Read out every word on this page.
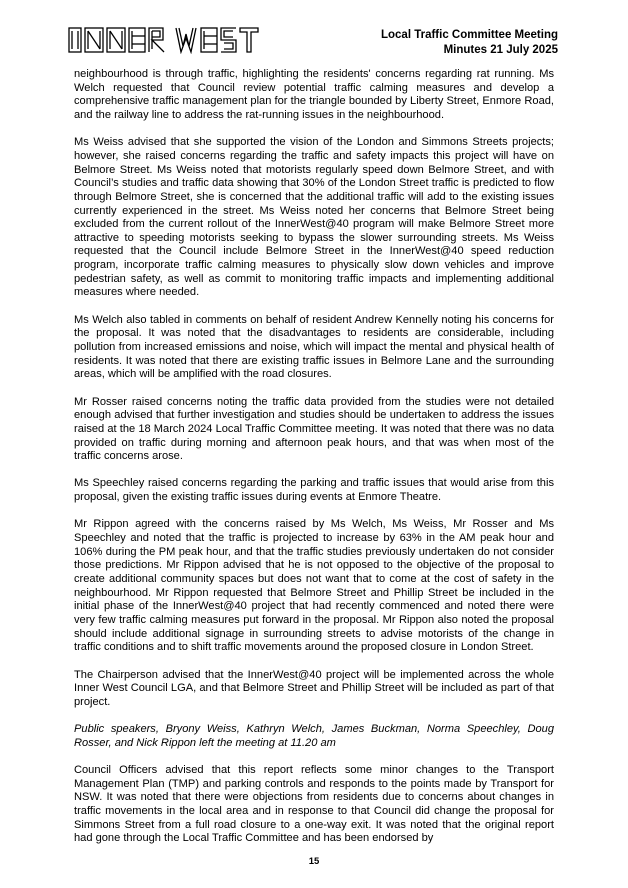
Local Traffic Committee Meeting
Minutes 21 July 2025

neighbourhood is through traffic, highlighting the residents' concerns regarding rat running. Ms Welch requested that Council review potential traffic calming measures and develop a comprehensive traffic management plan for the triangle bounded by Liberty Street, Enmore Road, and the railway line to address the rat-running issues in the neighbourhood.

Ms Weiss advised that she supported the vision of the London and Simmons Streets projects; however, she raised concerns regarding the traffic and safety impacts this project will have on Belmore Street. Ms Weiss noted that motorists regularly speed down Belmore Street, and with Council’s studies and traffic data showing that 30% of the London Street traffic is predicted to flow through Belmore Street, she is concerned that the additional traffic will add to the existing issues currently experienced in the street. Ms Weiss noted her concerns that Belmore Street being excluded from the current rollout of the InnerWest@40 program will make Belmore Street more attractive to speeding motorists seeking to bypass the slower surrounding streets. Ms Weiss requested that the Council include Belmore Street in the InnerWest@40 speed reduction program, incorporate traffic calming measures to physically slow down vehicles and improve pedestrian safety, as well as commit to monitoring traffic impacts and implementing additional measures where needed.

Ms Welch also tabled in comments on behalf of resident Andrew Kennelly noting his concerns for the proposal. It was noted that the disadvantages to residents are considerable, including pollution from increased emissions and noise, which will impact the mental and physical health of residents. It was noted that there are existing traffic issues in Belmore Lane and the surrounding areas, which will be amplified with the road closures.

Mr Rosser raised concerns noting the traffic data provided from the studies were not detailed enough advised that further investigation and studies should be undertaken to address the issues raised at the 18 March 2024 Local Traffic Committee meeting. It was noted that there was no data provided on traffic during morning and afternoon peak hours, and that was when most of the traffic concerns arose.

Ms Speechley raised concerns regarding the parking and traffic issues that would arise from this proposal, given the existing traffic issues during events at Enmore Theatre.

Mr Rippon agreed with the concerns raised by Ms Welch, Ms Weiss, Mr Rosser and Ms Speechley and noted that the traffic is projected to increase by 63% in the AM peak hour and 106% during the PM peak hour, and that the traffic studies previously undertaken do not consider those predictions. Mr Rippon advised that he is not opposed to the objective of the proposal to create additional community spaces but does not want that to come at the cost of safety in the neighbourhood. Mr Rippon requested that Belmore Street and Phillip Street be included in the initial phase of the InnerWest@40 project that had recently commenced and noted there were very few traffic calming measures put forward in the proposal. Mr Rippon also noted the proposal should include additional signage in surrounding streets to advise motorists of the change in traffic conditions and to shift traffic movements around the proposed closure in London Street.

The Chairperson advised that the InnerWest@40 project will be implemented across the whole Inner West Council LGA, and that Belmore Street and Phillip Street will be included as part of that project.

Public speakers, Bryony Weiss, Kathryn Welch, James Buckman, Norma Speechley, Doug Rosser, and Nick Rippon left the meeting at 11.20 am

Council Officers advised that this report reflects some minor changes to the Transport Management Plan (TMP) and parking controls and responds to the points made by Transport for NSW. It was noted that there were objections from residents due to concerns about changes in traffic movements in the local area and in response to that Council did change the proposal for Simmons Street from a full road closure to a one-way exit. It was noted that the original report had gone through the Local Traffic Committee and has been endorsed by

15
